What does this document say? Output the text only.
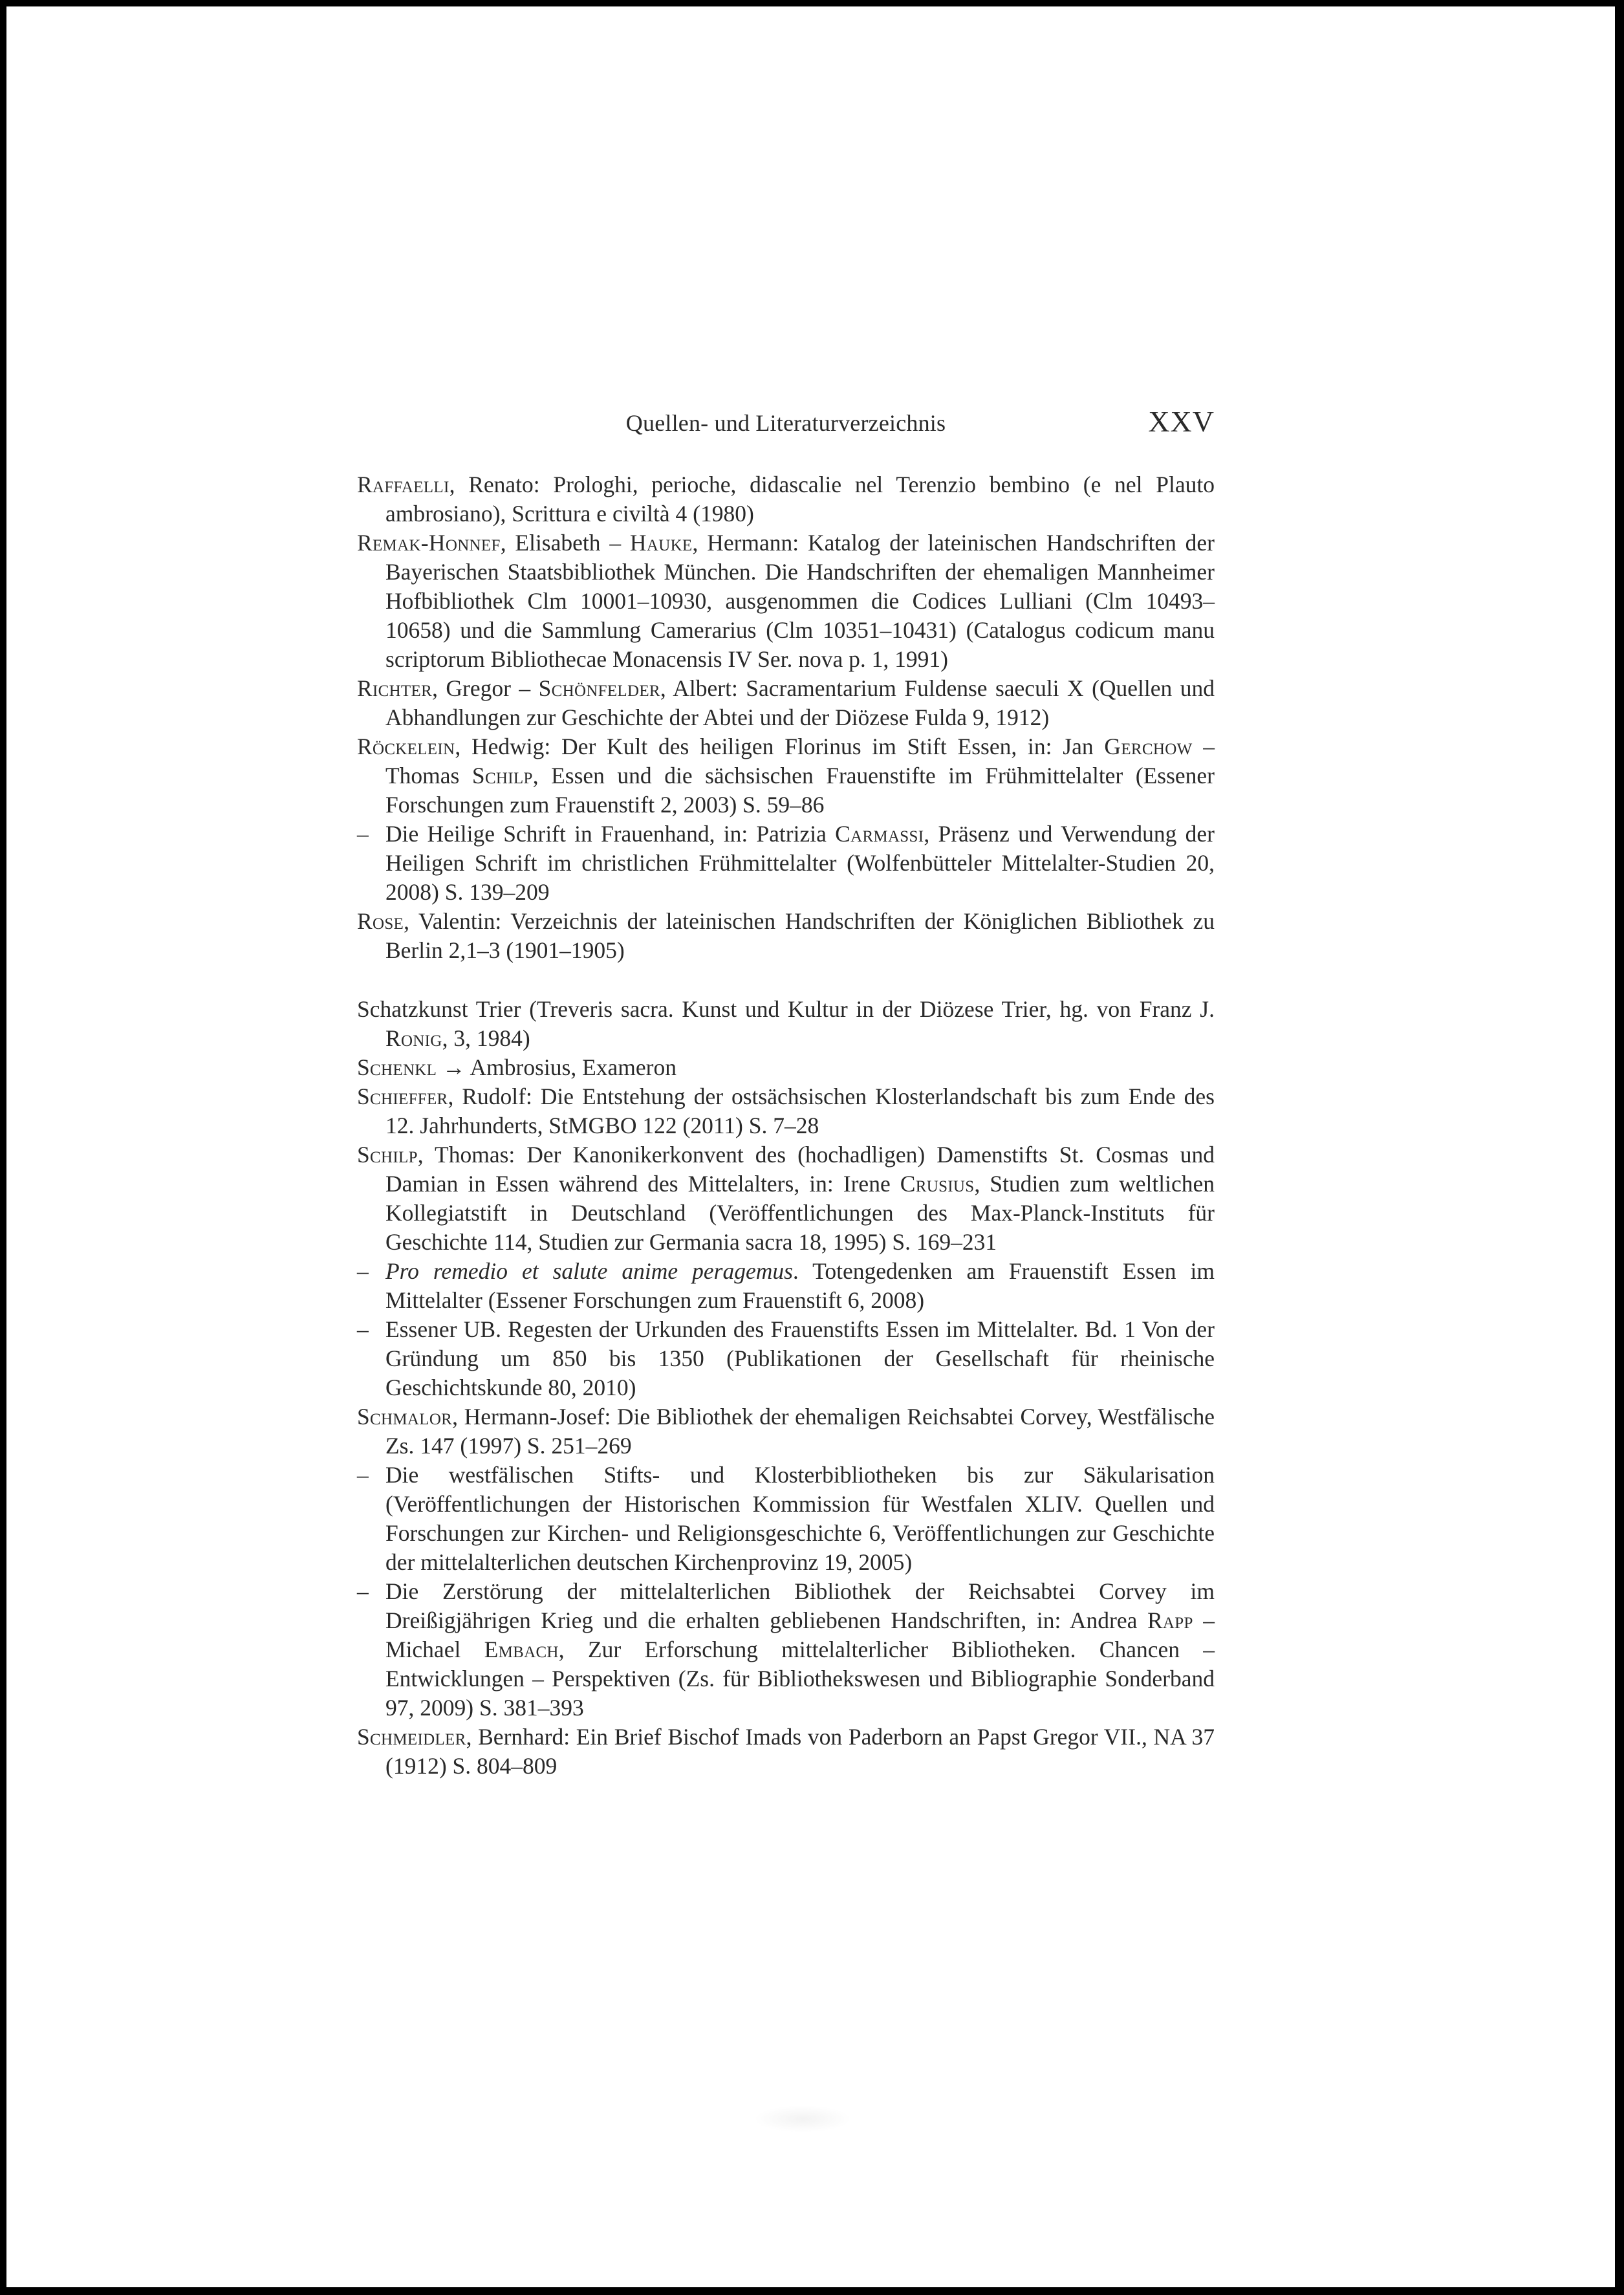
Quellen- und Literaturverzeichnis	XXV

Raffaelli, Renato: Prologhi, perioche, didascalie nel Terenzio bembino (e nel Plauto ambrosiano), Scrittura e civiltà 4 (1980)

Remak-Honnef, Elisabeth – Hauke, Hermann: Katalog der lateinischen Handschriften der Bayerischen Staatsbibliothek München. Die Handschriften der ehemaligen Mannheimer Hofbibliothek Clm 10001–10930, ausgenommen die Codices Lulliani (Clm 10493–10658) und die Sammlung Camerarius (Clm 10351–10431) (Catalogus codicum manu scriptorum Bibliothecae Monacensis IV Ser. nova p. 1, 1991)

Richter, Gregor – Schönfelder, Albert: Sacramentarium Fuldense saeculi X (Quellen und Abhandlungen zur Geschichte der Abtei und der Diözese Fulda 9, 1912)

Röckelein, Hedwig: Der Kult des heiligen Florinus im Stift Essen, in: Jan Gerchow – Thomas Schilp, Essen und die sächsischen Frauenstifte im Frühmittelalter (Essener Forschungen zum Frauenstift 2, 2003) S. 59–86

– Die Heilige Schrift in Frauenhand, in: Patrizia Carmassi, Präsenz und Verwendung der Heiligen Schrift im christlichen Frühmittelalter (Wolfenbütteler Mittelalter-Studien 20, 2008) S. 139–209

Rose, Valentin: Verzeichnis der lateinischen Handschriften der Königlichen Bibliothek zu Berlin 2,1–3 (1901–1905)

Schatzkunst Trier (Treveris sacra. Kunst und Kultur in der Diözese Trier, hg. von Franz J. Ronig, 3, 1984)

Schenkl → Ambrosius, Exameron

Schieffer, Rudolf: Die Entstehung der ostsächsischen Klosterlandschaft bis zum Ende des 12. Jahrhunderts, StMGBO 122 (2011) S. 7–28

Schilp, Thomas: Der Kanonikerkonvent des (hochadligen) Damenstifts St. Cosmas und Damian in Essen während des Mittelalters, in: Irene Crusius, Studien zum weltlichen Kollegiatstift in Deutschland (Veröffentlichungen des Max-Planck-Instituts für Geschichte 114, Studien zur Germania sacra 18, 1995) S. 169–231

– Pro remedio et salute anime peragemus. Totengedenken am Frauenstift Essen im Mittelalter (Essener Forschungen zum Frauenstift 6, 2008)

– Essener UB. Regesten der Urkunden des Frauenstifts Essen im Mittelalter. Bd. 1 Von der Gründung um 850 bis 1350 (Publikationen der Gesellschaft für rheinische Geschichtskunde 80, 2010)

Schmalor, Hermann-Josef: Die Bibliothek der ehemaligen Reichsabtei Corvey, Westfälische Zs. 147 (1997) S. 251–269

– Die westfälischen Stifts- und Klosterbibliotheken bis zur Säkularisation (Veröffentlichungen der Historischen Kommission für Westfalen XLIV. Quellen und Forschungen zur Kirchen- und Religionsgeschichte 6, Veröffentlichungen zur Geschichte der mittelalterlichen deutschen Kirchenprovinz 19, 2005)

– Die Zerstörung der mittelalterlichen Bibliothek der Reichsabtei Corvey im Dreißigjährigen Krieg und die erhalten gebliebenen Handschriften, in: Andrea Rapp – Michael Embach, Zur Erforschung mittelalterlicher Bibliotheken. Chancen – Entwicklungen – Perspektiven (Zs. für Bibliothekswesen und Bibliographie Sonderband 97, 2009) S. 381–393

Schmeidler, Bernhard: Ein Brief Bischof Imads von Paderborn an Papst Gregor VII., NA 37 (1912) S. 804–809
